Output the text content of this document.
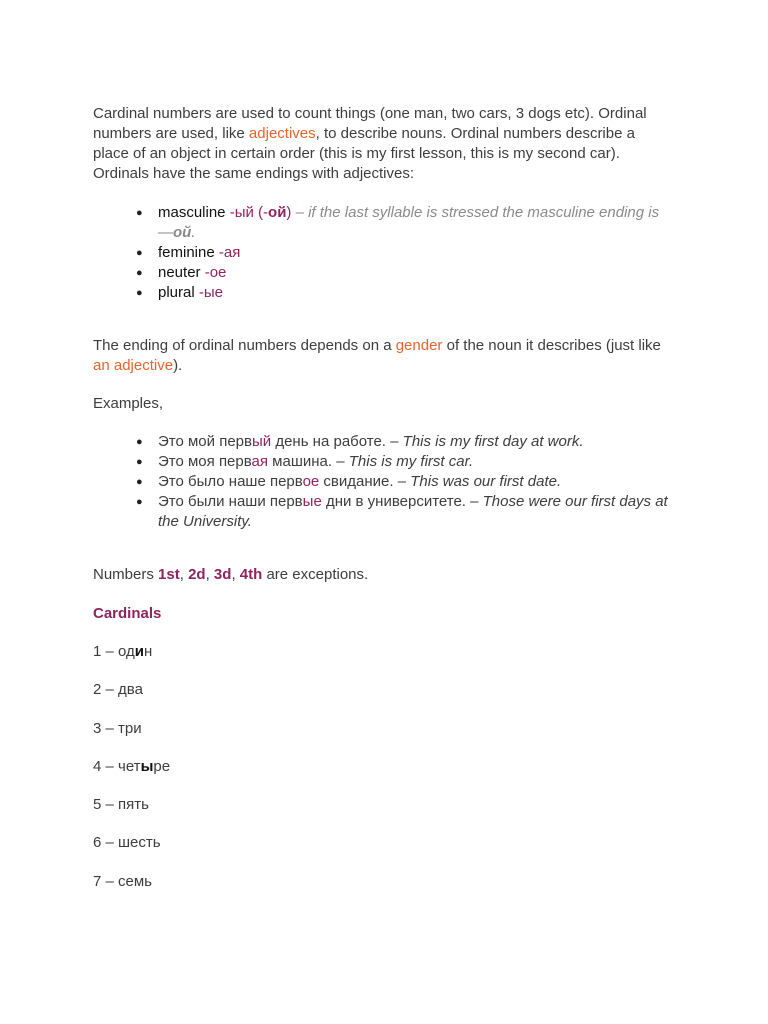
Cardinal numbers are used to count things (one man, two cars, 3 dogs etc). Ordinal numbers are used, like adjectives, to describe nouns. Ordinal numbers describe a place of an object in certain order (this is my first lesson, this is my second car). Ordinals have the same endings with adjectives:

● masculine -ый (-ой) – if the last syllable is stressed the masculine ending is —ой.
● feminine -ая
● neuter -oe
● plural -ые

The ending of ordinal numbers depends on a gender of the noun it describes (just like an adjective).

Examples,

● Это мой первый день на работе. – This is my first day at work.
● Это моя первая машина. – This is my first car.
● Это было наше первое свидание. – This was our first date.
● Это были наши первые дни в университете. – Those were our first days at the University.

Numbers 1st, 2d, 3d, 4th are exceptions.

Cardinals

1 – один

2 – два

3 – три

4 – четыре

5 – пять

6 – шесть

7 – семь
